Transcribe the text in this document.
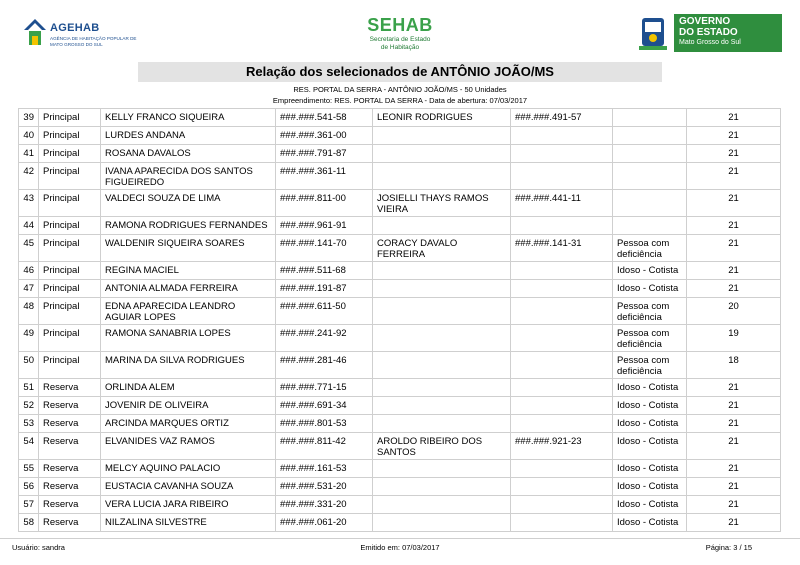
AGEHAB
AGÊNCIA DE HABITAÇÃO POPULAR DE MATO GROSSO DO SUL
SEHAB
Secretaria de Estado
de Habitação
GOVERNO
DO ESTADO
Mato Grosso do Sul
Relação dos selecionados de ANTÔNIO JOÃO/MS
RES. PORTAL DA SERRA - ANTÔNIO JOÃO/MS - 50 Unidades
Empreendimento: RES. PORTAL DA SERRA - Data de abertura: 07/03/2017
39	Principal	KELLY FRANCO SIQUEIRA	###.###.541-58	LEONIR RODRIGUES	###.###.491-57		21
40	Principal	LURDES ANDANA	###.###.361-00				21
41	Principal	ROSANA DAVALOS	###.###.791-87				21
42	Principal	IVANA APARECIDA DOS SANTOS FIGUEIREDO	###.###.361-11				21
43	Principal	VALDECI SOUZA DE LIMA	###.###.811-00	JOSIELLI THAYS RAMOS VIEIRA	###.###.441-11		21
44	Principal	RAMONA RODRIGUES FERNANDES	###.###.961-91				21
45	Principal	WALDENIR SIQUEIRA SOARES	###.###.141-70	CORACY DAVALO FERREIRA	###.###.141-31	Pessoa com deficiência	21
46	Principal	REGINA MACIEL	###.###.511-68			Idoso - Cotista	21
47	Principal	ANTONIA ALMADA FERREIRA	###.###.191-87			Idoso - Cotista	21
48	Principal	EDNA APARECIDA LEANDRO AGUIAR LOPES	###.###.611-50			Pessoa com deficiência	20
49	Principal	RAMONA SANABRIA LOPES	###.###.241-92			Pessoa com deficiência	19
50	Principal	MARINA DA SILVA RODRIGUES	###.###.281-46			Pessoa com deficiência	18
51	Reserva	ORLINDA ALEM	###.###.771-15			Idoso - Cotista	21
52	Reserva	JOVENIR DE OLIVEIRA	###.###.691-34			Idoso - Cotista	21
53	Reserva	ARCINDA MARQUES ORTIZ	###.###.801-53			Idoso - Cotista	21
54	Reserva	ELVANIDES VAZ RAMOS	###.###.811-42	AROLDO RIBEIRO DOS SANTOS	###.###.921-23	Idoso - Cotista	21
55	Reserva	MELCY AQUINO PALACIO	###.###.161-53			Idoso - Cotista	21
56	Reserva	EUSTACIA CAVANHA SOUZA	###.###.531-20			Idoso - Cotista	21
57	Reserva	VERA LUCIA JARA RIBEIRO	###.###.331-20			Idoso - Cotista	21
58	Reserva	NILZALINA SILVESTRE	###.###.061-20			Idoso - Cotista	21
Usuário: sandra	Emitido em: 07/03/2017	Página: 3 / 15
